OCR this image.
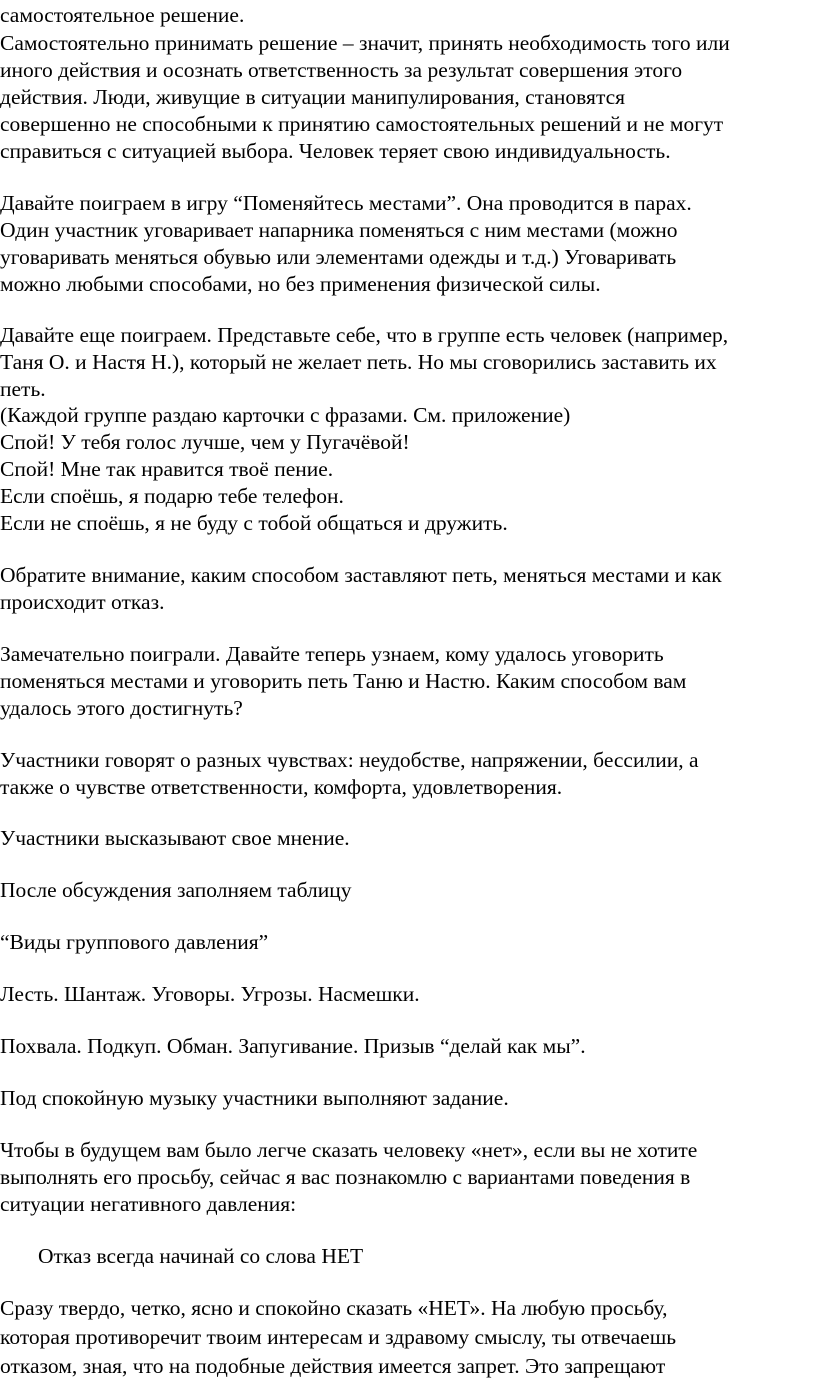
самостоятельное решение.

Самостоятельно принимать решение – значит, принять необходимость того или

иного действия и осознать ответственность за результат совершения этого

действия. Люди, живущие в ситуации манипулирования, становятся

совершенно не способными к принятию самостоятельных решений и не могут

справиться с ситуацией выбора. Человек теряет свою индивидуальность.

Давайте поиграем в игру “Поменяйтесь местами”. Она проводится в парах.

Один участник уговаривает напарника поменяться с ним местами (можно

уговаривать меняться обувью или элементами одежды и т.д.) Уговаривать

можно любыми способами, но без применения физической силы.

Давайте еще поиграем. Представьте себе, что в группе есть человек (например,

Таня О. и Настя Н.), который не желает петь. Но мы сговорились заставить их

петь.

(Каждой группе раздаю карточки с фразами. См. приложение)

Спой! У тебя голос лучше, чем у Пугачёвой!

Спой! Мне так нравится твоё пение.

Если споёшь, я подарю тебе телефон.

Если не споёшь, я не буду с тобой общаться и дружить.

Обратите внимание, каким способом заставляют петь, меняться местами и как

происходит отказ.

Замечательно поиграли. Давайте теперь узнаем, кому удалось уговорить

поменяться местами и уговорить петь Таню и Настю. Каким способом вам

удалось этого достигнуть?

Участники говорят о разных чувствах: неудобстве, напряжении, бессилии, а

также о чувстве ответственности, комфорта, удовлетворения.

Участники высказывают свое мнение.

После обсуждения заполняем таблицу

“Виды группового давления”

Лесть. Шантаж. Уговоры. Угрозы. Насмешки.

Похвала. Подкуп. Обман. Запугивание. Призыв “делай как мы”.

Под спокойную музыку участники выполняют задание.

Чтобы в будущем вам было легче сказать человеку «нет», если вы не хотите

выполнять его просьбу, сейчас я вас познакомлю с вариантами поведения в

ситуации негативного давления:

Отказ всегда начинай со слова НЕТ

Сразу твердо, четко, ясно и спокойно сказать «НЕТ». На любую просьбу,

которая противоречит твоим интересам и здравому смыслу, ты отвечаешь

отказом, зная, что на подобные действия имеется запрет. Это запрещают
